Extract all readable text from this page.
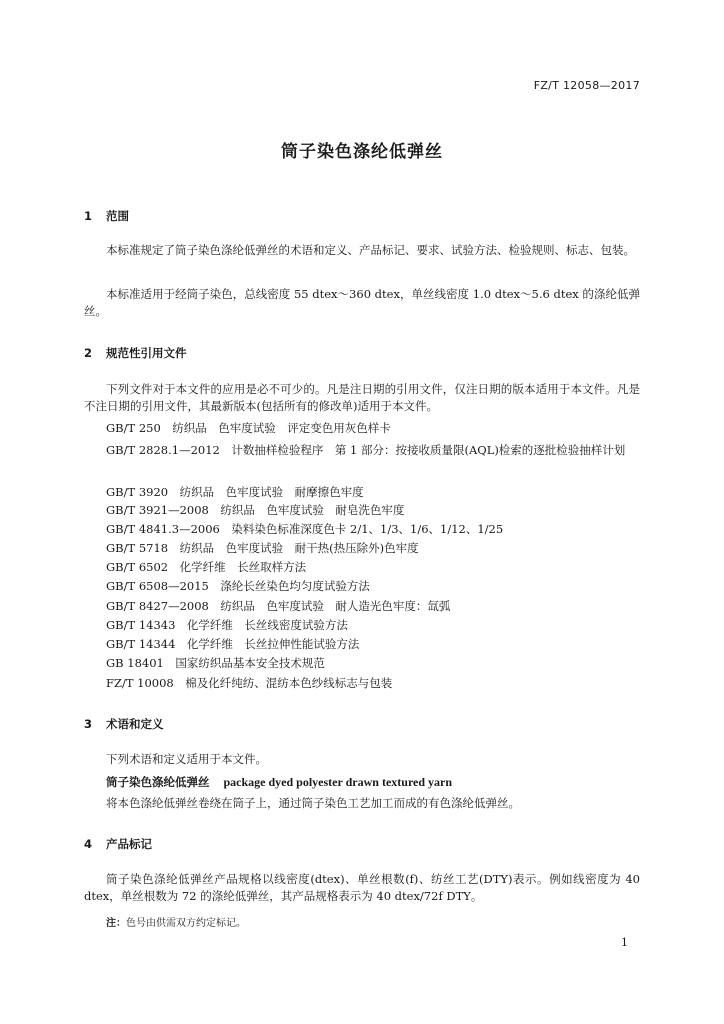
FZ/T 12058—2017
筒子染色涤纶低弹丝
1 范围
本标准规定了筒子染色涤纶低弹丝的术语和定义、产品标记、要求、试验方法、检验规则、标志、包装。
本标准适用于经筒子染色，总线密度 55 dtex～360 dtex，单丝线密度 1.0 dtex～5.6 dtex 的涤纶低弹丝。
2 规范性引用文件
下列文件对于本文件的应用是必不可少的。凡是注日期的引用文件，仅注日期的版本适用于本文件。凡是不注日期的引用文件，其最新版本(包括所有的修改单)适用于本文件。
GB/T 250　纺织品　色牢度试验　评定变色用灰色样卡
GB/T 2828.1—2012　计数抽样检验程序　第 1 部分：按接收质量限(AQL)检索的逐批检验抽样计划
GB/T 3920　纺织品　色牢度试验　耐摩擦色牢度
GB/T 3921—2008　纺织品　色牢度试验　耐皂洗色牢度
GB/T 4841.3—2006　染料染色标准深度色卡 2/1、1/3、1/6、1/12、1/25
GB/T 5718　纺织品　色牢度试验　耐干热(热压除外)色牢度
GB/T 6502　化学纤维　长丝取样方法
GB/T 6508—2015　涤纶长丝染色均匀度试验方法
GB/T 8427—2008　纺织品　色牢度试验　耐人造光色牢度：氙弧
GB/T 14343　化学纤维　长丝线密度试验方法
GB/T 14344　化学纤维　长丝拉伸性能试验方法
GB 18401　国家纺织品基本安全技术规范
FZ/T 10008　棉及化纤纯纺、混纺本色纱线标志与包装
3 术语和定义
下列术语和定义适用于本文件。
筒子染色涤纶低弹丝 package dyed polyester drawn textured yarn
将本色涤纶低弹丝卷绕在筒子上，通过筒子染色工艺加工而成的有色涤纶低弹丝。
4 产品标记
筒子染色涤纶低弹丝产品规格以线密度(dtex)、单丝根数(f)、纺丝工艺(DTY)表示。例如线密度为 40 dtex，单丝根数为 72 的涤纶低弹丝，其产品规格表示为 40 dtex/72f DTY。
注：色号由供需双方约定标记。
1
